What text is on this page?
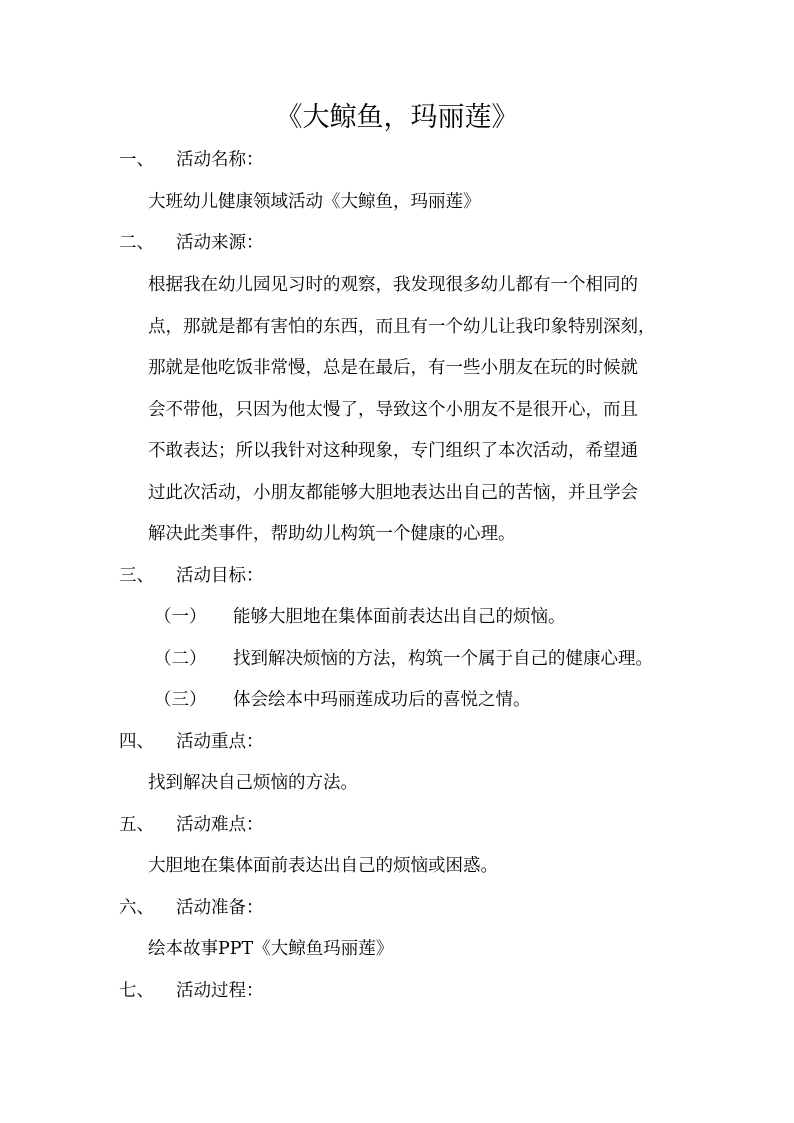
《大鲸鱼，玛丽莲》
一、 活动名称：
大班幼儿健康领域活动《大鲸鱼，玛丽莲》
二、 活动来源：
根据我在幼儿园见习时的观察，我发现很多幼儿都有一个相同的
点，那就是都有害怕的东西，而且有一个幼儿让我印象特别深刻，
那就是他吃饭非常慢，总是在最后，有一些小朋友在玩的时候就
会不带他，只因为他太慢了，导致这个小朋友不是很开心，而且
不敢表达；所以我针对这种现象，专门组织了本次活动，希望通
过此次活动，小朋友都能够大胆地表达出自己的苦恼，并且学会
解决此类事件，帮助幼儿构筑一个健康的心理。
三、 活动目标：
（一） 能够大胆地在集体面前表达出自己的烦恼。
（二） 找到解决烦恼的方法，构筑一个属于自己的健康心理。
（三） 体会绘本中玛丽莲成功后的喜悦之情。
四、 活动重点：
找到解决自己烦恼的方法。
五、 活动难点：
大胆地在集体面前表达出自己的烦恼或困惑。
六、 活动准备：
绘本故事PPT《大鲸鱼玛丽莲》
七、 活动过程：
